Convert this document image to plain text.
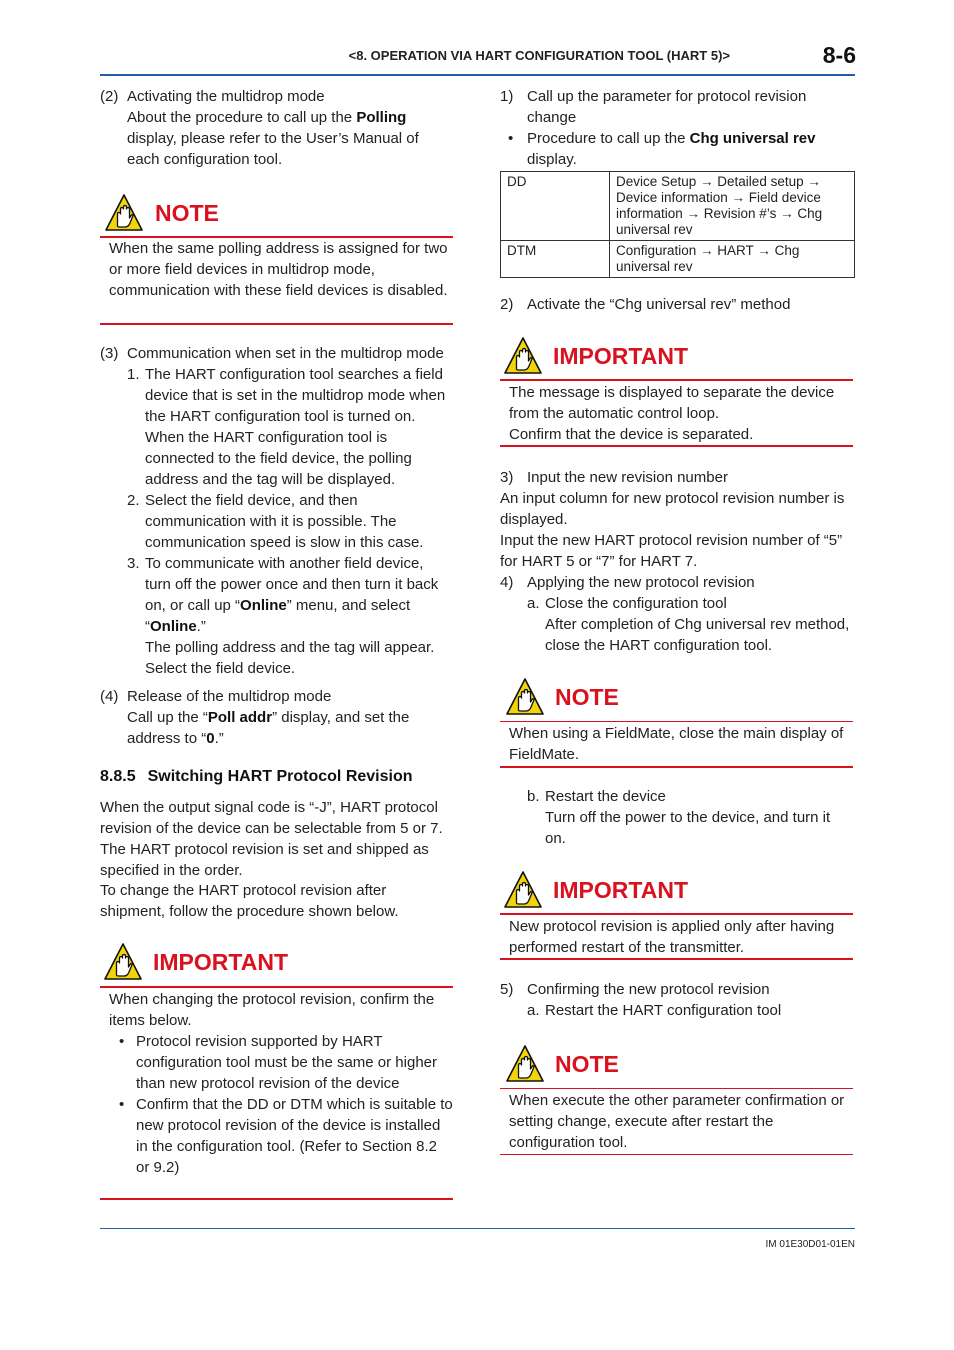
<8. OPERATION VIA HART CONFIGURATION TOOL (HART 5)>	8-6
(2) Activating the multidrop mode
About the procedure to call up the Polling display, please refer to the User’s Manual of each configuration tool.
NOTE
When the same polling address is assigned for two or more field devices in multidrop mode, communication with these field devices is disabled.
(3) Communication when set in the multidrop mode
1. The HART configuration tool searches a field device that is set in the multidrop mode when the HART configuration tool is turned on. When the HART configuration tool is connected to the field device, the polling address and the tag will be displayed.
2. Select the field device, and then communication with it is possible. The communication speed is slow in this case.
3. To communicate with another field device, turn off the power once and then turn it back on, or call up “Online” menu, and select “Online.”
The polling address and the tag will appear. Select the field device.
(4) Release of the multidrop mode
Call up the “Poll addr” display, and set the address to “0.”
8.8.5 Switching HART Protocol Revision
When the output signal code is “-J”, HART protocol revision of the device can be selectable from 5 or 7. The HART protocol revision is set and shipped as specified in the order.
To change the HART protocol revision after shipment, follow the procedure shown below.
IMPORTANT
When changing the protocol revision, confirm the items below.
• Protocol revision supported by HART configuration tool must be the same or higher than new protocol revision of the device
• Confirm that the DD or DTM which is suitable to new protocol revision of the device is installed in the configuration tool. (Refer to Section 8.2 or 9.2)
1) Call up the parameter for protocol revision change
• Procedure to call up the Chg universal rev display.
DD	Device Setup → Detailed setup → Device information → Field device information → Revision #’s → Chg universal rev
DTM	Configuration → HART → Chg universal rev
2) Activate the “Chg universal rev” method
IMPORTANT
The message is displayed to separate the device from the automatic control loop.
Confirm that the device is separated.
3) Input the new revision number
An input column for new protocol revision number is displayed.
Input the new HART protocol revision number of “5” for HART 5 or “7” for HART 7.
4) Applying the new protocol revision
a. Close the configuration tool
After completion of Chg universal rev method, close the HART configuration tool.
NOTE
When using a FieldMate, close the main display of FieldMate.
b. Restart the device
Turn off the power to the device, and turn it on.
IMPORTANT
New protocol revision is applied only after having performed restart of the transmitter.
5) Confirming the new protocol revision
a. Restart the HART configuration tool
NOTE
When execute the other parameter confirmation or setting change, execute after restart the configuration tool.
IM 01E30D01-01EN
